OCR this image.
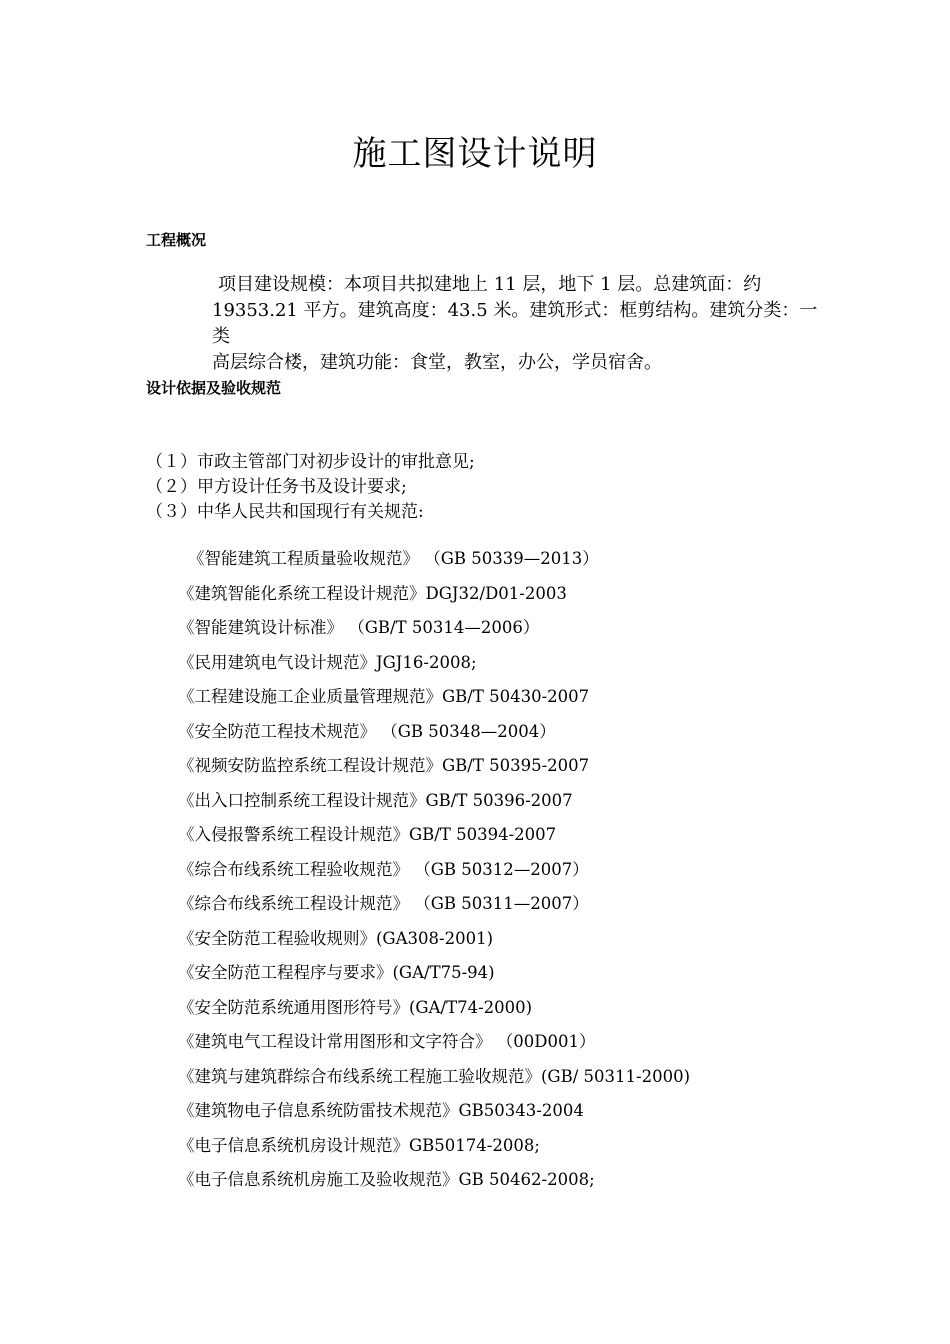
施工图设计说明
工程概况
项目建设规模：本项目共拟建地上 11 层，地下 1 层。总建筑面：约
19353.21 平方。建筑高度：43.5 米。建筑形式：框剪结构。建筑分类：一类
高层综合楼，建筑功能：食堂，教室，办公，学员宿舍。
设计依据及验收规范
（１）市政主管部门对初步设计的审批意见;
（２）甲方设计任务书及设计要求;
（３）中华人民共和国现行有关规范:
《智能建筑工程质量验收规范》 （GB 50339—2013）
《建筑智能化系统工程设计规范》DGJ32/D01-2003
《智能建筑设计标准》 （GB/T 50314—2006）
《民用建筑电气设计规范》JGJ16-2008;
《工程建设施工企业质量管理规范》GB/T 50430-2007
《安全防范工程技术规范》 （GB 50348—2004）
《视频安防监控系统工程设计规范》GB/T 50395-2007
《出入口控制系统工程设计规范》GB/T 50396-2007
《入侵报警系统工程设计规范》GB/T 50394-2007
《综合布线系统工程验收规范》 （GB 50312—2007）
《综合布线系统工程设计规范》 （GB 50311—2007）
《安全防范工程验收规则》(GA308-2001)
《安全防范工程程序与要求》(GA/T75-94)
《安全防范系统通用图形符号》(GA/T74-2000)
《建筑电气工程设计常用图形和文字符合》 （00D001）
《建筑与建筑群综合布线系统工程施工验收规范》(GB/ 50311-2000)
《建筑物电子信息系统防雷技术规范》GB50343-2004
《电子信息系统机房设计规范》GB50174-2008;
《电子信息系统机房施工及验收规范》GB 50462-2008;
